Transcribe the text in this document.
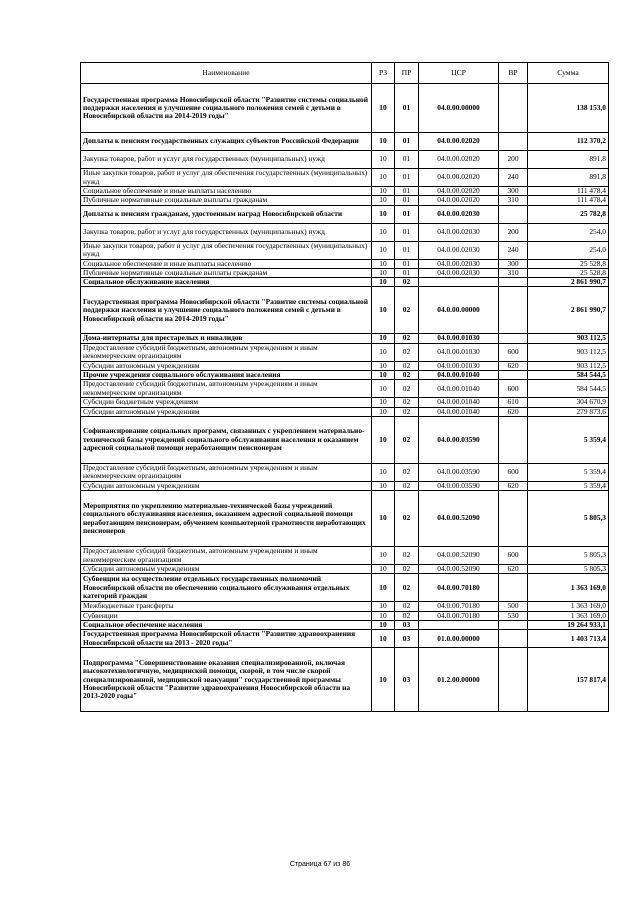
Наименование	РЗ	ПР	ЦСР	ВР	Сумма
Государственная программа Новосибирской области "Развитие системы социальной поддержки населения и улучшение социального положения семей с детьми в Новосибирской области на 2014-2019 годы"	10	01	04.0.00.00000		138 153,0
Доплаты к пенсиям государственных служащих субъектов Российской Федерации	10	01	04.0.00.02020		112 370,2
Закупка товаров, работ и услуг для государственных (муниципальных) нужд	10	01	04.0.00.02020	200	891,8
Иные закупки товаров, работ и услуг для обеспечения государственных (муниципальных) нужд	10	01	04.0.00.02020	240	891,8
Социальное обеспечение и иные выплаты населению	10	01	04.0.00.02020	300	111 478,4
Публичные нормативные социальные выплаты гражданам	10	01	04.0.00.02020	310	111 478,4
Доплаты к пенсиям гражданам, удостоенным наград Новосибирской области	10	01	04.0.00.02030		25 782,8
Закупка товаров, работ и услуг для государственных (муниципальных) нужд	10	01	04.0.00.02030	200	254,0
Иные закупки товаров, работ и услуг для обеспечения государственных (муниципальных) нужд	10	01	04.0.00.02030	240	254,0
Социальное обеспечение и иные выплаты населению	10	01	04.0.00.02030	300	25 528,8
Публичные нормативные социальные выплаты гражданам	10	01	04.0.00.02030	310	25 528,8
Социальное обслуживание населения	10	02			2 861 990,7
Государственная программа Новосибирской области "Развитие системы социальной поддержки населения и улучшение социального положения семей с детьми в Новосибирской области на 2014-2019 годы"	10	02	04.0.00.00000		2 861 990,7
Дома-интернаты для престарелых и инвалидов	10	02	04.0.00.01030		903 112,5
Предоставление субсидий бюджетным, автономным учреждениям и иным некоммерческим организациям	10	02	04.0.00.01030	600	903 112,5
Субсидии автономным учреждениям	10	02	04.0.00.01030	620	903 112,5
Прочие учреждения социального обслуживания населения	10	02	04.0.00.01040		584 544,5
Предоставление субсидий бюджетным, автономным учреждениям и иным некоммерческим организациям	10	02	04.0.00.01040	600	584 544,5
Субсидии бюджетным учреждениям	10	02	04.0.00.01040	610	304 670,9
Субсидии автономным учреждениям	10	02	04.0.00.01040	620	279 873,6
Софинансирование социальных программ, связанных с укреплением материально-технической базы учреждений социального обслуживания населения и оказанием адресной социальной помощи неработающим пенсионерам	10	02	04.0.00.03590		5 359,4
Предоставление субсидий бюджетным, автономным учреждениям и иным некоммерческим организациям	10	02	04.0.00.03590	600	5 359,4
Субсидии автономным учреждениям	10	02	04.0.00.03590	620	5 359,4
Мероприятия по укреплению материально-технической базы учреждений социального обслуживания населения, оказанием адресной социальной помощи неработающим пенсионерам, обучением компьютерной грамотности неработающих пенсионеров	10	02	04.0.00.52090		5 805,3
Предоставление субсидий бюджетным, автономным учреждениям и иным некоммерческим организациям	10	02	04.0.00.52090	600	5 805,3
Субсидии автономным учреждениям	10	02	04.0.00.52090	620	5 805,3
Субвенции на осуществление отдельных государственных полномочий Новосибирской области по обеспечению социального обслуживания отдельных категорий граждан	10	02	04.0.00.70180		1 363 169,0
Межбюджетные трансферты	10	02	04.0.00.70180	500	1 363 169,0
Субвенции	10	02	04.0.00.70180	530	1 363 169,0
Социальное обеспечение населения	10	03			19 264 933,1
Государственная программа Новосибирской области "Развитие здравоохранения Новосибирской области на 2013 - 2020 годы"	10	03	01.0.00.00000		1 403 713,4
Подпрограмма "Совершенствование оказания специализированной, включая высокотехнологичную, медицинской помощи, скорой, в том числе скорой специализированной, медицинской эвакуации" государственной программы Новосибирской области "Развитие здравоохранения Новосибирской области на 2013-2020 годы"	10	03	01.2.00.00000		157 817,4
Страница 67 из 86
